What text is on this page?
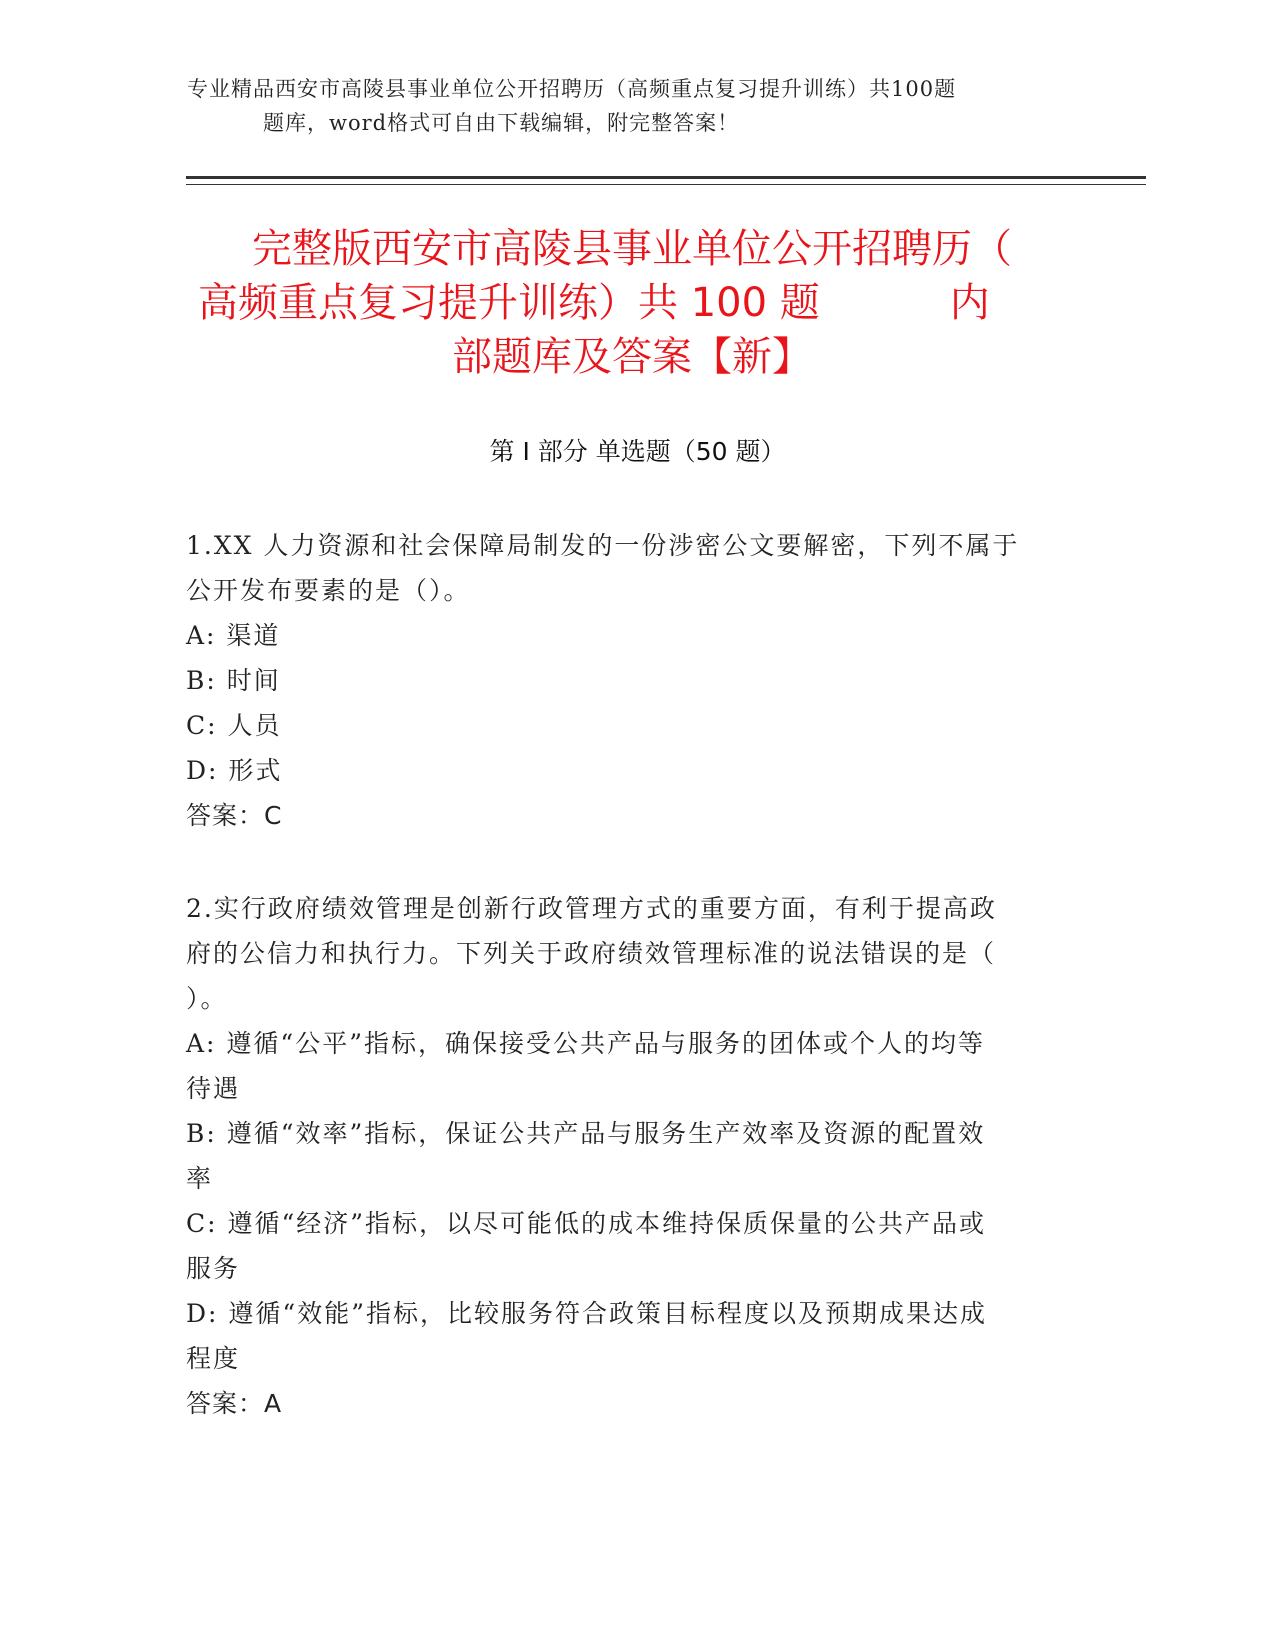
专业精品西安市高陵县事业单位公开招聘历（高频重点复习提升训练）共100题
题库，word格式可自由下载编辑，附完整答案！
完整版西安市高陵县事业单位公开招聘历（
高频重点复习提升训练）共 100 题	内
部题库及答案【新】
第 I 部分 单选题（50 题）

1.XX 人力资源和社会保障局制发的一份涉密公文要解密，下列不属于

公开发布要素的是（）。

A: 渠道

B: 时间

C: 人员

D: 形式

答案：C

2.实行政府绩效管理是创新行政管理方式的重要方面，有利于提高政

府的公信力和执行力。下列关于政府绩效管理标准的说法错误的是（

）。

A: 遵循“公平”指标，确保接受公共产品与服务的团体或个人的均等

待遇

B: 遵循“效率”指标，保证公共产品与服务生产效率及资源的配置效

率

C: 遵循“经济”指标，以尽可能低的成本维持保质保量的公共产品或

服务

D: 遵循“效能”指标，比较服务符合政策目标程度以及预期成果达成

程度

答案：A
